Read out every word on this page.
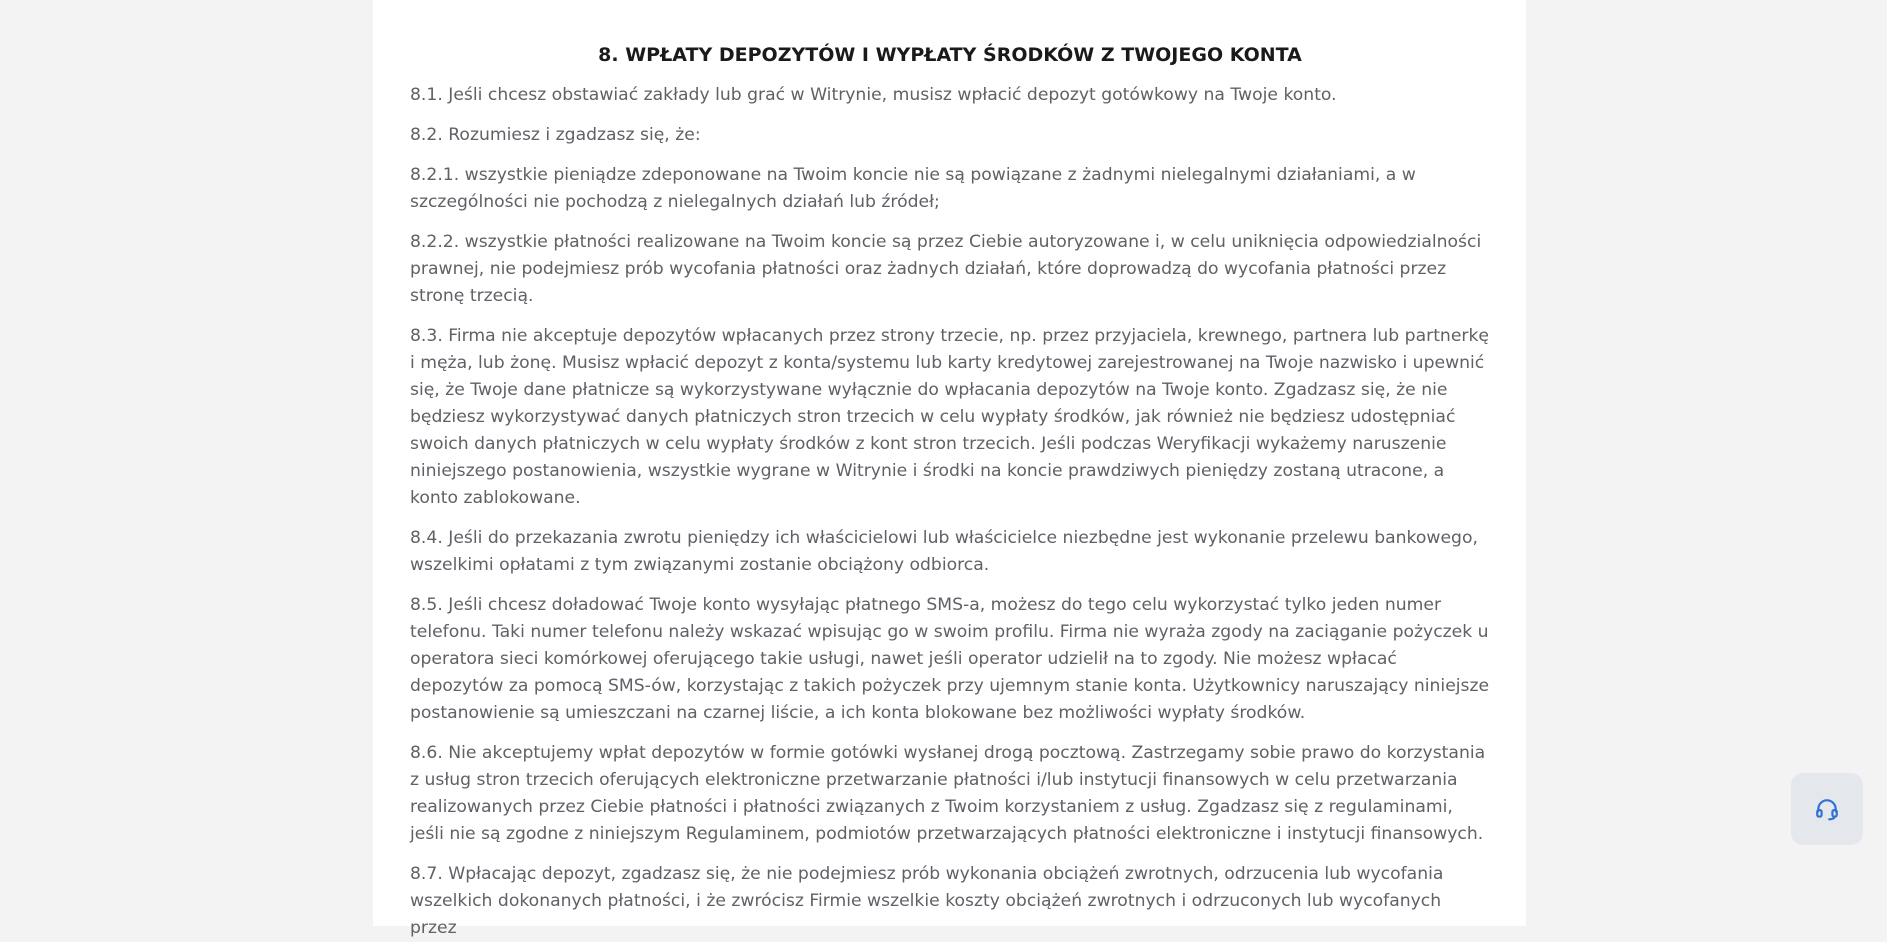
8. WPŁATY DEPOZYTÓW I WYPŁATY ŚRODKÓW Z TWOJEGO KONTA

8.1. Jeśli chcesz obstawiać zakłady lub grać w Witrynie, musisz wpłacić depozyt gotówkowy na Twoje konto.

8.2. Rozumiesz i zgadzasz się, że:

8.2.1. wszystkie pieniądze zdeponowane na Twoim koncie nie są powiązane z żadnymi nielegalnymi działaniami, a w szczególności nie pochodzą z nielegalnych działań lub źródeł;

8.2.2. wszystkie płatności realizowane na Twoim koncie są przez Ciebie autoryzowane i, w celu uniknięcia odpowiedzialności prawnej, nie podejmiesz prób wycofania płatności oraz żadnych działań, które doprowadzą do wycofania płatności przez stronę trzecią.

8.3. Firma nie akceptuje depozytów wpłacanych przez strony trzecie, np. przez przyjaciela, krewnego, partnera lub partnerkę i męża, lub żonę. Musisz wpłacić depozyt z konta/systemu lub karty kredytowej zarejestrowanej na Twoje nazwisko i upewnić się, że Twoje dane płatnicze są wykorzystywane wyłącznie do wpłacania depozytów na Twoje konto. Zgadzasz się, że nie będziesz wykorzystywać danych płatniczych stron trzecich w celu wypłaty środków, jak również nie będziesz udostępniać swoich danych płatniczych w celu wypłaty środków z kont stron trzecich. Jeśli podczas Weryfikacji wykażemy naruszenie niniejszego postanowienia, wszystkie wygrane w Witrynie i środki na koncie prawdziwych pieniędzy zostaną utracone, a konto zablokowane.

8.4. Jeśli do przekazania zwrotu pieniędzy ich właścicielowi lub właścicielce niezbędne jest wykonanie przelewu bankowego, wszelkimi opłatami z tym związanymi zostanie obciążony odbiorca.

8.5. Jeśli chcesz doładować Twoje konto wysyłając płatnego SMS-a, możesz do tego celu wykorzystać tylko jeden numer telefonu. Taki numer telefonu należy wskazać wpisując go w swoim profilu. Firma nie wyraża zgody na zaciąganie pożyczek u operatora sieci komórkowej oferującego takie usługi, nawet jeśli operator udzielił na to zgody. Nie możesz wpłacać depozytów za pomocą SMS-ów, korzystając z takich pożyczek przy ujemnym stanie konta. Użytkownicy naruszający niniejsze postanowienie są umieszczani na czarnej liście, a ich konta blokowane bez możliwości wypłaty środków.

8.6. Nie akceptujemy wpłat depozytów w formie gotówki wysłanej drogą pocztową. Zastrzegamy sobie prawo do korzystania z usług stron trzecich oferujących elektroniczne przetwarzanie płatności i/lub instytucji finansowych w celu przetwarzania realizowanych przez Ciebie płatności i płatności związanych z Twoim korzystaniem z usług. Zgadzasz się z regulaminami, jeśli nie są zgodne z niniejszym Regulaminem, podmiotów przetwarzających płatności elektroniczne i instytucji finansowych.

8.7. Wpłacając depozyt, zgadzasz się, że nie podejmiesz prób wykonania obciążeń zwrotnych, odrzucenia lub wycofania wszelkich dokonanych płatności, i że zwrócisz Firmie wszelkie koszty obciążeń zwrotnych i odrzuconych lub wycofanych przez
